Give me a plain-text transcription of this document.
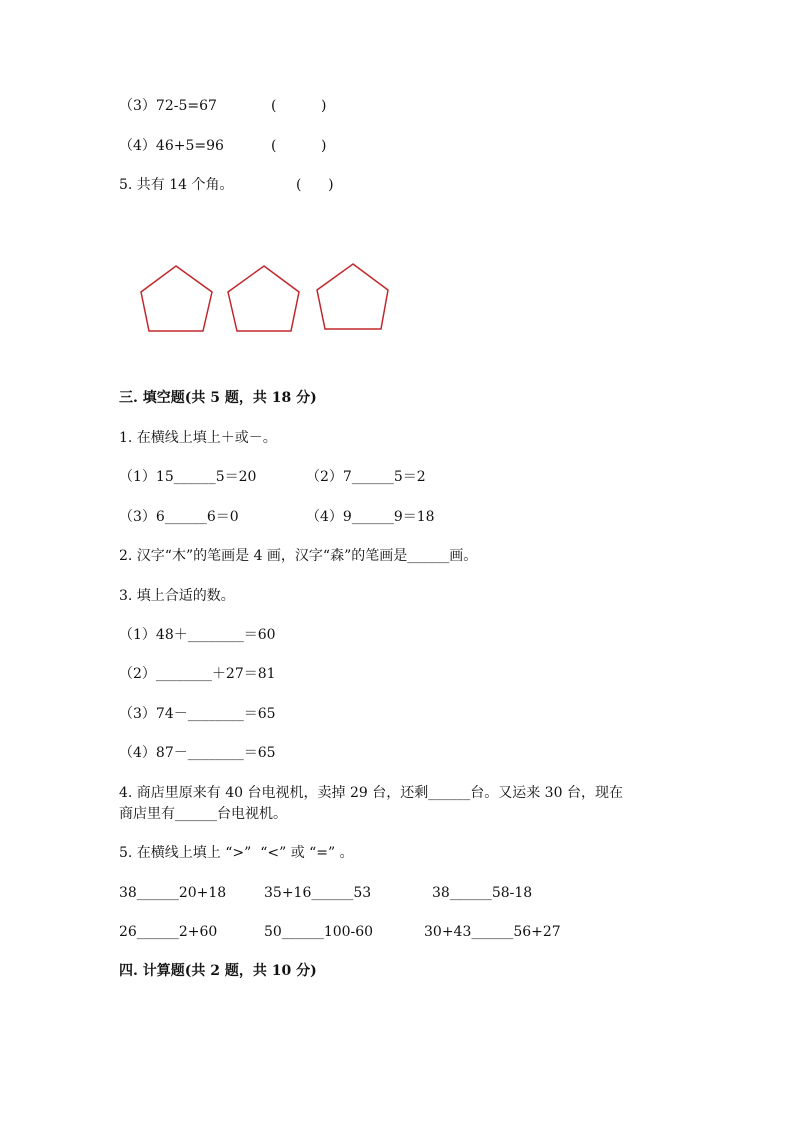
（3）72-5=67	(          )
（4）46+5=96	(          )
5. 共有 14 个角。	(      )
三. 填空题(共 5 题，共 18 分)
1. 在横线上填上＋或－。
（1）15______5＝20	（2）7______5＝2
（3）6______6＝0	（4）9______9＝18
2. 汉字“木”的笔画是 4 画，汉字“森”的笔画是______画。
3. 填上合适的数。
（1）48＋________＝60
（2）________＋27＝81
（3）74－________＝65
（4）87－________＝65
4. 商店里原来有 40 台电视机，卖掉 29 台，还剩______台。又运来 30 台，现在
商店里有______台电视机。
5. 在横线上填上 “>”  “<” 或 “=” 。
38______20+18	35+16______53	38______58-18
26______2+60	50______100-60	30+43______56+27
四. 计算题(共 2 题，共 10 分)
